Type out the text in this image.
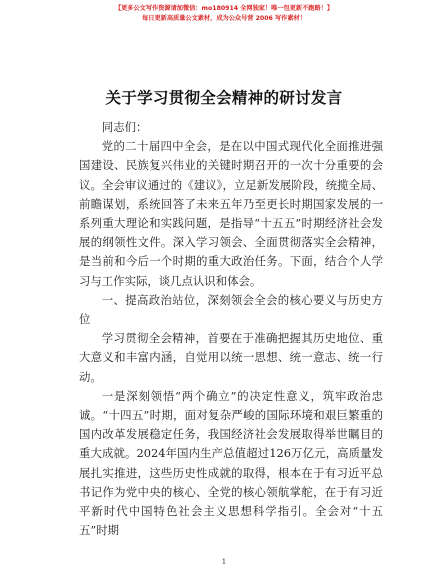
【更多公文写作资源请加微信：mo180914 全网独家！唯一包更新不跑路！】
每日更新高质量公文素材，成为公众号营 2006 写作素材！
关于学习贯彻全会精神的研讨发言

同志们：

党的二十届四中全会，是在以中国式现代化全面推进强国建设、民族复兴伟业的关键时期召开的一次十分重要的会议。全会审议通过的《建议》，立足新发展阶段，统揽全局、前瞻谋划，系统回答了未来五年乃至更长时期国家发展的一系列重大理论和实践问题，是指导“十五五”时期经济社会发展的纲领性文件。深入学习领会、全面贯彻落实全会精神，是当前和今后一个时期的重大政治任务。下面，结合个人学习与工作实际，谈几点认识和体会。

一、提高政治站位，深刻领会全会的核心要义与历史方位

学习贯彻全会精神，首要在于准确把握其历史地位、重大意义和丰富内涵，自觉用以统一思想、统一意志、统一行动。

一是深刻领悟“两个确立”的决定性意义，筑牢政治忠诚。“十四五”时期，面对复杂严峻的国际环境和艰巨繁重的国内改革发展稳定任务，我国经济社会发展取得举世瞩目的重大成就。2024年国内生产总值超过126万亿元，高质量发展扎实推进，这些历史性成就的取得，根本在于有习近平总书记作为党中央的核心、全党的核心领航掌舵，在于有习近平新时代中国特色社会主义思想科学指引。全会对“十五五”时期

1
